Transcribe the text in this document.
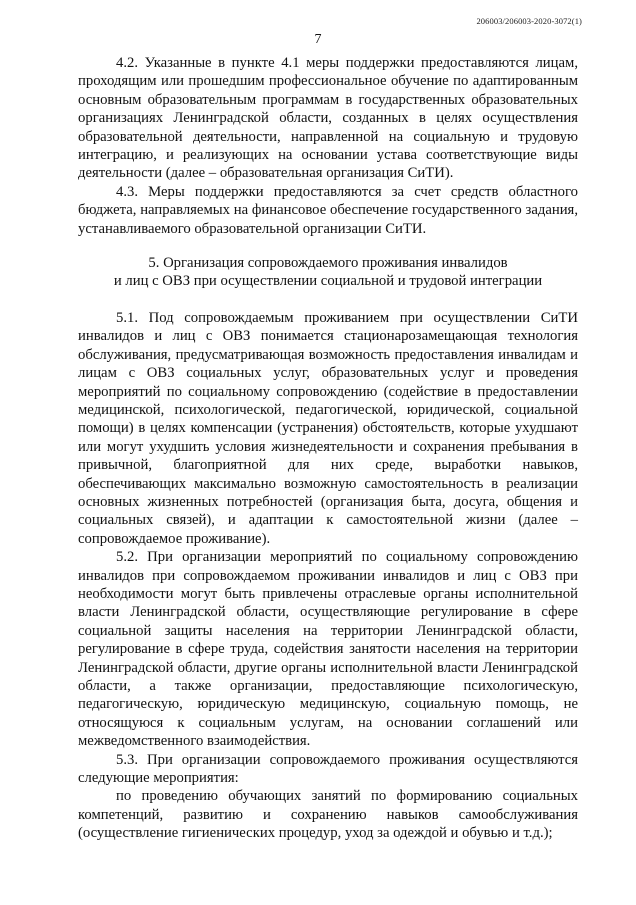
206003/206003-2020-3072(1)
7

4.2. Указанные в пункте 4.1 меры поддержки предоставляются лицам, проходящим или прошедшим профессиональное обучение по адаптированным основным образовательным программам в государственных образовательных организациях Ленинградской области, созданных в целях осуществления образовательной деятельности, направленной на социальную и трудовую интеграцию, и реализующих на основании устава соответствующие виды деятельности (далее – образовательная организация СиТИ).

4.3. Меры поддержки предоставляются за счет средств областного бюджета, направляемых на финансовое обеспечение государственного задания, устанавливаемого образовательной организации СиТИ.

5. Организация сопровождаемого проживания инвалидов
и лиц с ОВЗ при осуществлении социальной и трудовой интеграции

5.1. Под сопровождаемым проживанием при осуществлении СиТИ инвалидов и лиц с ОВЗ понимается стационарозамещающая технология обслуживания, предусматривающая возможность предоставления инвалидам и лицам с ОВЗ социальных услуг, образовательных услуг и проведения мероприятий по социальному сопровождению (содействие в предоставлении медицинской, психологической, педагогической, юридической, социальной помощи) в целях компенсации (устранения) обстоятельств, которые ухудшают или могут ухудшить условия жизнедеятельности и сохранения пребывания в привычной, благоприятной для них среде, выработки навыков, обеспечивающих максимально возможную самостоятельность в реализации основных жизненных потребностей (организация быта, досуга, общения и социальных связей), и адаптации к самостоятельной жизни (далее – сопровождаемое проживание).

5.2. При организации мероприятий по социальному сопровождению инвалидов при сопровождаемом проживании инвалидов и лиц с ОВЗ при необходимости могут быть привлечены отраслевые органы исполнительной власти Ленинградской области, осуществляющие регулирование в сфере социальной защиты населения на территории Ленинградской области, регулирование в сфере труда, содействия занятости населения на территории Ленинградской области, другие органы исполнительной власти Ленинградской области, а также организации, предоставляющие психологическую, педагогическую, юридическую медицинскую, социальную помощь, не относящуюся к социальным услугам, на основании соглашений или межведомственного взаимодействия.

5.3. При организации сопровождаемого проживания осуществляются следующие мероприятия:

по проведению обучающих занятий по формированию социальных компетенций, развитию и сохранению навыков самообслуживания (осуществление гигиенических процедур, уход за одеждой и обувью и т.д.);
